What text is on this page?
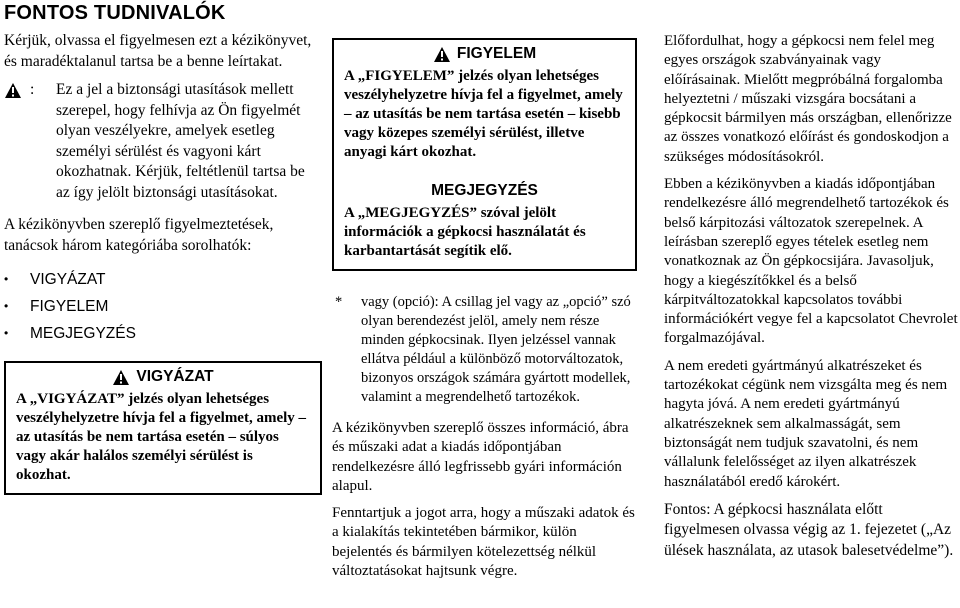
FONTOS TUDNIVALÓK

Kérjük, olvassa el figyelmesen ezt a kézikönyvet, és maradéktalanul tartsa be a benne leírtakat.

:	Ez a jel a biztonsági utasítások mellett szerepel, hogy felhívja az Ön figyelmét olyan veszélyekre, amelyek esetleg személyi sérülést és vagyoni kárt okozhatnak. Kérjük, feltétlenül tartsa be az így jelölt biztonsági utasításokat.

A kézikönyvben szereplő figyelmeztetések, tanácsok három kategóriába sorolhatók:

•	VIGYÁZAT
•	FIGYELEM
•	MEGJEGYZÉS
VIGYÁZAT
A „VIGYÁZAT” jelzés olyan lehetséges veszélyhelyzetre hívja fel a figyelmet, amely – az utasítás be nem tartása esetén – súlyos vagy akár halálos személyi sérülést is okozhat.
FIGYELEM
A „FIGYELEM” jelzés olyan lehetséges veszélyhelyzetre hívja fel a figyelmet, amely – az utasítás be nem tartása esetén – kisebb vagy közepes személyi sérülést, illetve anyagi kárt okozhat.
MEGJEGYZÉS
A „MEGJEGYZÉS” szóval jelölt információk a gépkocsi használatát és karbantartását segítik elő.
*	vagy (opció): A csillag jel vagy az „opció” szó olyan berendezést jelöl, amely nem része minden gépkocsinak. Ilyen jelzéssel vannak ellátva például a különböző motorváltozatok, bizonyos országok számára gyártott modellek, valamint a megrendelhető tartozékok.

A kézikönyvben szereplő összes információ, ábra és műszaki adat a kiadás időpontjában rendelkezésre álló legfrissebb gyári információn alapul.

Fenntartjuk a jogot arra, hogy a műszaki adatok és a kialakítás tekintetében bármikor, külön bejelentés és bármilyen kötelezettség nélkül változtatásokat hajtsunk végre.

Előfordulhat, hogy a gépkocsi nem felel meg egyes országok szabványainak vagy előírásainak. Mielőtt megpróbálná forgalomba helyeztetni / műszaki vizsgára bocsátani a gépkocsit bármilyen más országban, ellenőrizze az összes vonatkozó előírást és gondoskodjon a szükséges módosításokról.

Ebben a kézikönyvben a kiadás időpontjában rendelkezésre álló megrendelhető tartozékok és belső kárpitozási változatok szerepelnek. A leírásban szereplő egyes tételek esetleg nem vonatkoznak az Ön gépkocsijára. Javasoljuk, hogy a kiegészítőkkel és a belső kárpitváltozatokkal kapcsolatos további információkért vegye fel a kapcsolatot Chevrolet forgalmazójával.

A nem eredeti gyártmányú alkatrészeket és tartozékokat cégünk nem vizsgálta meg és nem hagyta jóvá. A nem eredeti gyártmányú alkatrészeknek sem alkalmasságát, sem biztonságát nem tudjuk szavatolni, és nem vállalunk felelősséget az ilyen alkatrészek használatából eredő károkért.

Fontos: A gépkocsi használata előtt figyelmesen olvassa végig az 1. fejezetet („Az ülések használata, az utasok balesetvédelme”).
